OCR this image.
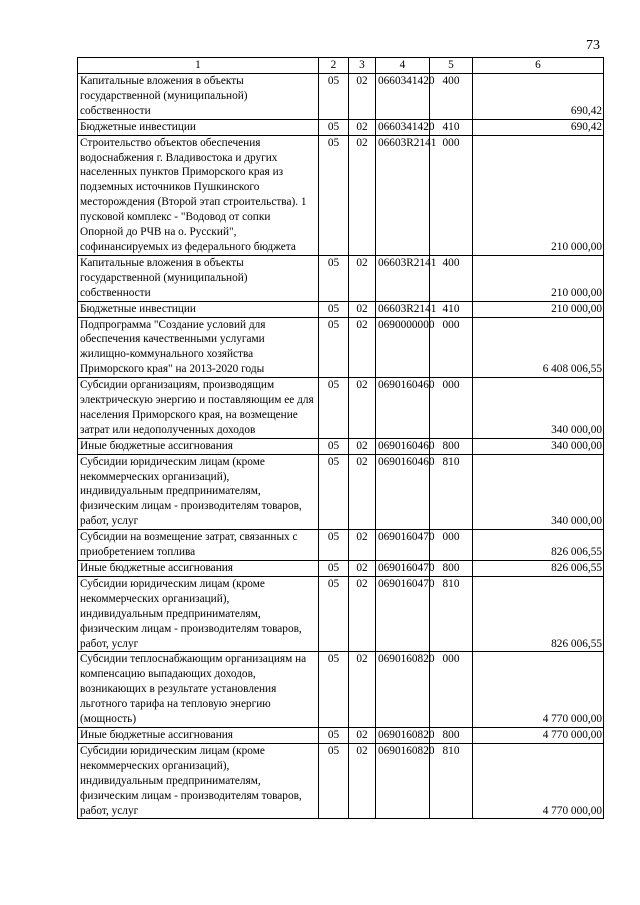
73
1	2	3	4	5	6
Капитальные вложения в объекты государственной (муниципальной) собственности	05	02	0660341420	400	690,42
Бюджетные инвестиции	05	02	0660341420	410	690,42
Строительство объектов обеспечения водоснабжения г. Владивостока и других населенных пунктов Приморского края из подземных источников Пушкинского месторождения (Второй этап строительства). 1 пусковой комплекс - "Водовод от сопки Опорной до РЧВ на о. Русский", софинансируемых из федерального бюджета	05	02	06603R2141	000	210 000,00
Капитальные вложения в объекты государственной (муниципальной) собственности	05	02	06603R2141	400	210 000,00
Бюджетные инвестиции	05	02	06603R2141	410	210 000,00
Подпрограмма "Создание условий для обеспечения качественными услугами жилищно-коммунального хозяйства Приморского края" на 2013-2020 годы	05	02	0690000000	000	6 408 006,55
Субсидии организациям, производящим электрическую энергию и поставляющим ее для населения Приморского края, на возмещение затрат или недополученных доходов	05	02	0690160460	000	340 000,00
Иные бюджетные ассигнования	05	02	0690160460	800	340 000,00
Субсидии юридическим лицам (кроме некоммерческих организаций), индивидуальным предпринимателям, физическим лицам - производителям товаров, работ, услуг	05	02	0690160460	810	340 000,00
Субсидии на возмещение затрат, связанных с приобретением топлива	05	02	0690160470	000	826 006,55
Иные бюджетные ассигнования	05	02	0690160470	800	826 006,55
Субсидии юридическим лицам (кроме некоммерческих организаций), индивидуальным предпринимателям, физическим лицам - производителям товаров, работ, услуг	05	02	0690160470	810	826 006,55
Субсидии теплоснабжающим организациям на компенсацию выпадающих доходов, возникающих в результате установления льготного тарифа на тепловую энергию (мощность)	05	02	0690160820	000	4 770 000,00
Иные бюджетные ассигнования	05	02	0690160820	800	4 770 000,00
Субсидии юридическим лицам (кроме некоммерческих организаций), индивидуальным предпринимателям, физическим лицам - производителям товаров, работ, услуг	05	02	0690160820	810	4 770 000,00
